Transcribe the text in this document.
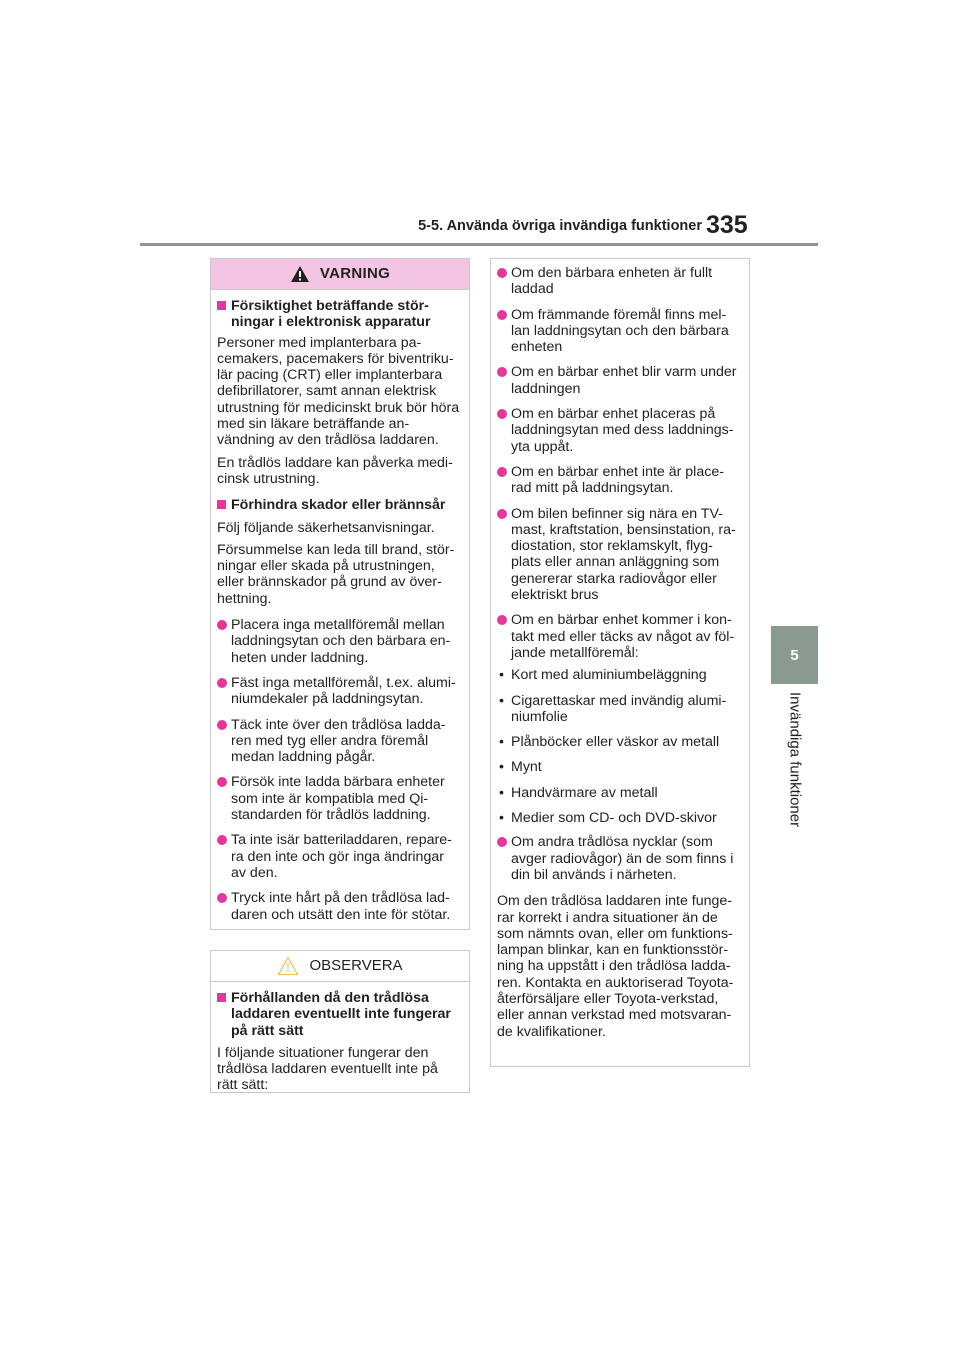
5-5. Använda övriga invändiga funktioner 335
5
Invändiga funktioner
VARNING
Försiktighet beträffande stör-ningar i elektronisk apparatur

Personer med implanterbara pa-cemakers, pacemakers för biventriku-lär pacing (CRT) eller implanterbara defibrillatorer, samt annan elektrisk utrustning för medicinskt bruk bör höra med sin läkare beträffande an-vändning av den trådlösa laddaren.

En trådlös laddare kan påverka medi-cinsk utrustning.

Förhindra skador eller brännsår

Följ följande säkerhetsanvisningar.

Försummelse kan leda till brand, stör-ningar eller skada på utrustningen, eller brännskador på grund av över-hettning.

Placera inga metallföremål mellan laddningsytan och den bärbara en-heten under laddning.
Fäst inga metallföremål, t.ex. alumi-niumdekaler på laddningsytan.
Täck inte över den trådlösa ladda-ren med tyg eller andra föremål medan laddning pågår.
Försök inte ladda bärbara enheter som inte är kompatibla med Qi-standarden för trådlös laddning.
Ta inte isär batteriladdaren, repare-ra den inte och gör inga ändringar av den.
Tryck inte hårt på den trådlösa lad-daren och utsätt den inte för stötar.
OBSERVERA
Förhållanden då den trådlösa laddaren eventuellt inte fungerar på rätt sätt

I följande situationer fungerar den trådlösa laddaren eventuellt inte på rätt sätt:

Om den bärbara enheten är fullt laddad
Om främmande föremål finns mel-lan laddningsytan och den bärbara enheten
Om en bärbar enhet blir varm under laddningen
Om en bärbar enhet placeras på laddningsytan med dess laddnings-yta uppåt.
Om en bärbar enhet inte är place-rad mitt på laddningsytan.
Om bilen befinner sig nära en TV-mast, kraftstation, bensinstation, ra-diostation, stor reklamskylt, flyg-plats eller annan anläggning som genererar starka radiovågor eller elektriskt brus
Om en bärbar enhet kommer i kon-takt med eller täcks av något av föl-jande metallföremål:
• Kort med aluminiumbeläggning
• Cigarettaskar med invändig alumi-niumfolie
• Plånböcker eller väskor av metall
• Mynt
• Handvärmare av metall
• Medier som CD- och DVD-skivor
Om andra trådlösa nycklar (som avger radiovågor) än de som finns i din bil används i närheten.

Om den trådlösa laddaren inte funge-rar korrekt i andra situationer än de som nämnts ovan, eller om funktions-lampan blinkar, kan en funktionsstör-ning ha uppstått i den trådlösa ladda-ren. Kontakta en auktoriserad Toyota-återförsäljare eller Toyota-verkstad, eller annan verkstad med motsvaran-de kvalifikationer.
